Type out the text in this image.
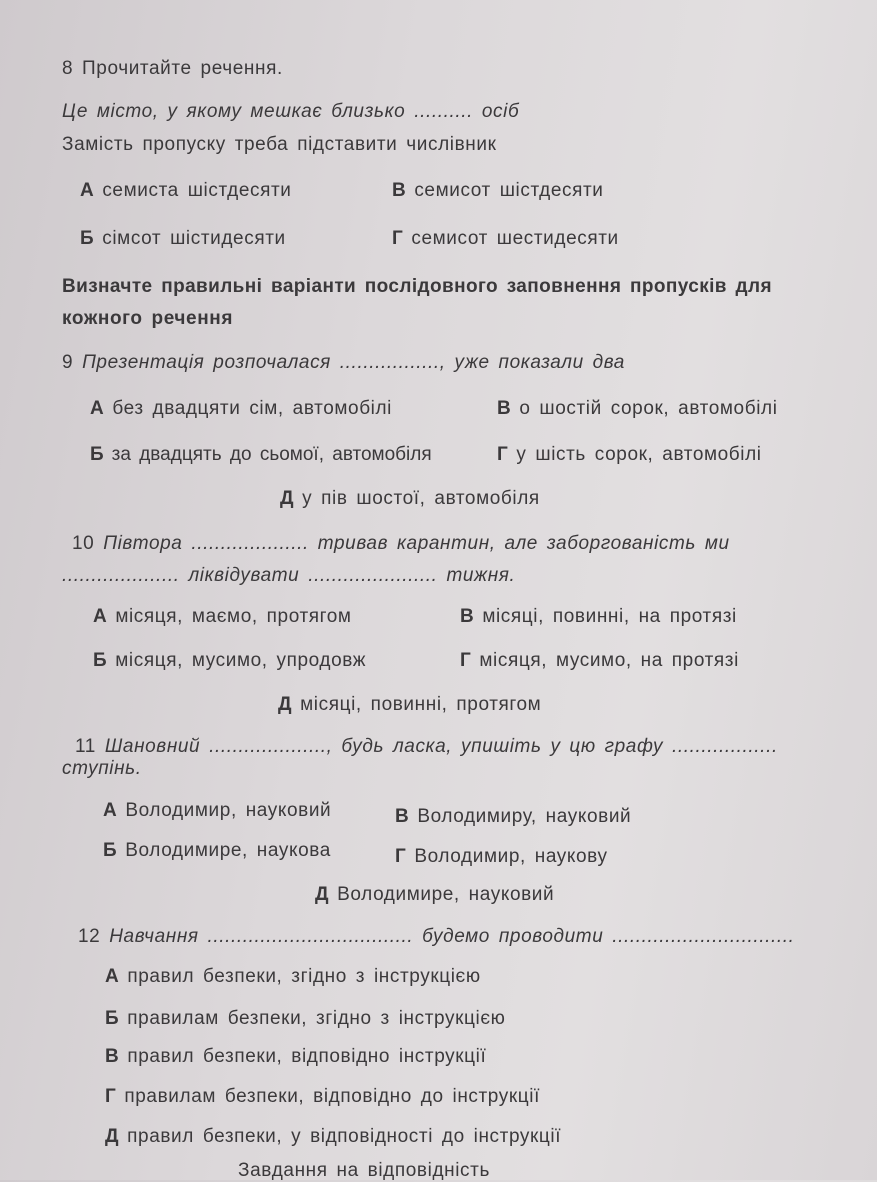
8 Прочитайте речення.
Це місто, у якому мешкає близько .......... осіб
Замість пропуску треба підставити числівник
А семиста шістдесяти	В семисот шістдесяти
Б сімсот шістидесяти	Г семисот шестидесяти
Визначте правильні варіанти послідовного заповнення пропусків для
кожного речення
9 Презентація розпочалася ................., уже показали два
А без двадцяти сім, автомобілі	В о шостій сорок, автомобілі
Б за двадцять до сьомої, автомобіля	Г у шість сорок, автомобілі
Д у пів шостої, автомобіля
10 Півтора .................... тривав карантин, але заборгованість ми
.................... ліквідувати ...................... тижня.
А місяця, маємо, протягом	В місяці, повинні, на протязі
Б місяця, мусимо, упродовж	Г місяця, мусимо, на протязі
Д місяці, повинні, протягом
11 Шановний ...................., будь ласка, упишіть у цю графу ..................
ступінь.
А Володимир, науковий	В Володимиру, науковий
Б Володимире, наукова	Г Володимир, наукову
Д Володимире, науковий
12 Навчання ................................... будемо проводити ...............................
А правил безпеки, згідно з інструкцією
Б правилам безпеки, згідно з інструкцією
В правил безпеки, відповідно інструкції
Г правилам безпеки, відповідно до інструкції
Д правил безпеки, у відповідності до інструкції
Завдання на відповідність
